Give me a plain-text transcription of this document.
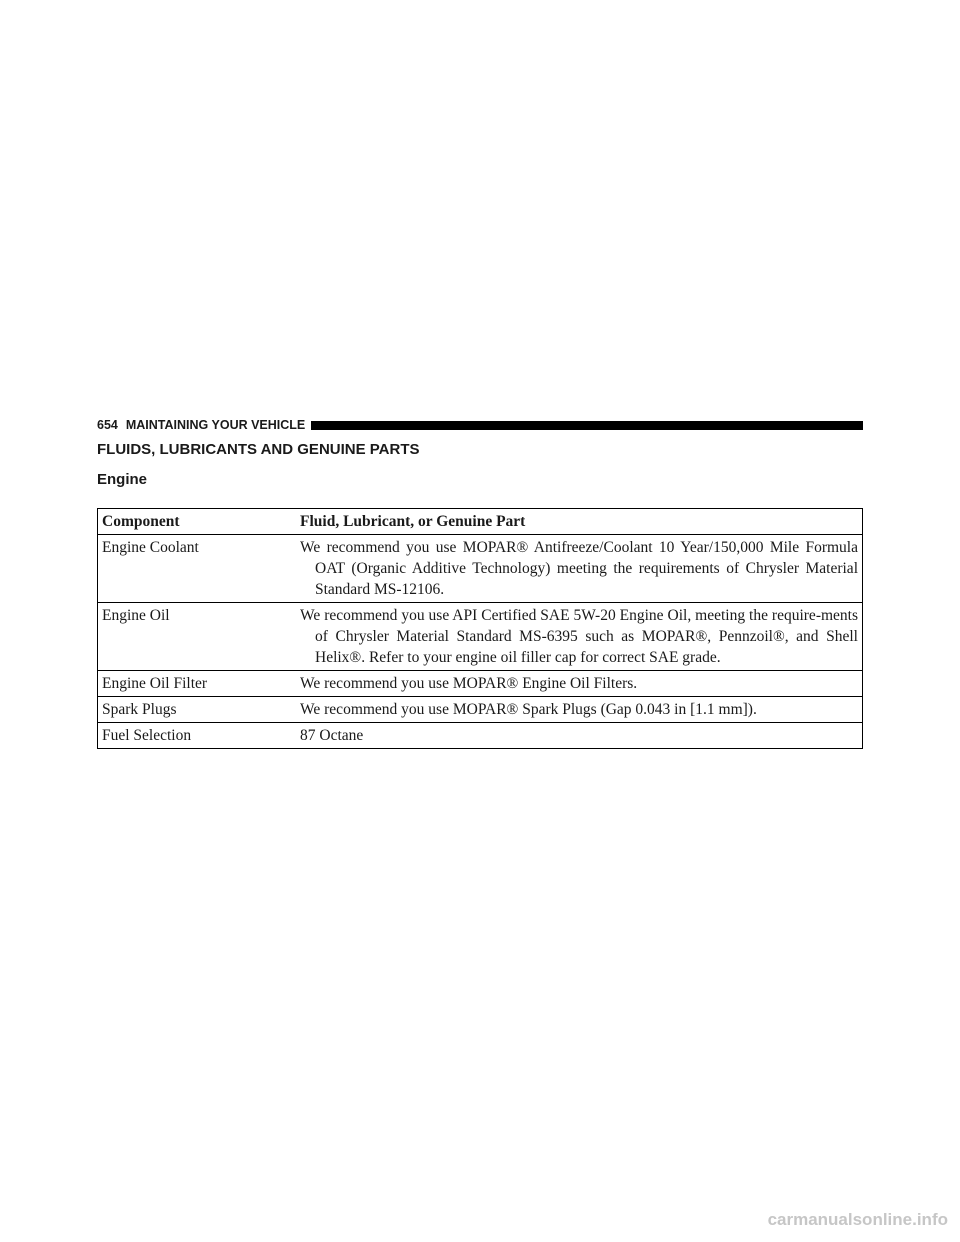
654 MAINTAINING YOUR VEHICLE
FLUIDS, LUBRICANTS AND GENUINE PARTS
Engine
Component	Fluid, Lubricant, or Genuine Part

Engine Coolant	We recommend you use MOPAR® Antifreeze/Coolant 10 Year/150,000 Mile Formula OAT (Organic Additive Technology) meeting the requirements of Chrysler Material Standard MS-12106.

Engine Oil	We recommend you use API Certified SAE 5W-20 Engine Oil, meeting the require-ments of Chrysler Material Standard MS-6395 such as MOPAR®, Pennzoil®, and Shell Helix®. Refer to your engine oil filler cap for correct SAE grade.

Engine Oil Filter	We recommend you use MOPAR® Engine Oil Filters.

Spark Plugs	We recommend you use MOPAR® Spark Plugs (Gap 0.043 in [1.1 mm]).

Fuel Selection	87 Octane
carmanualsonline.info
